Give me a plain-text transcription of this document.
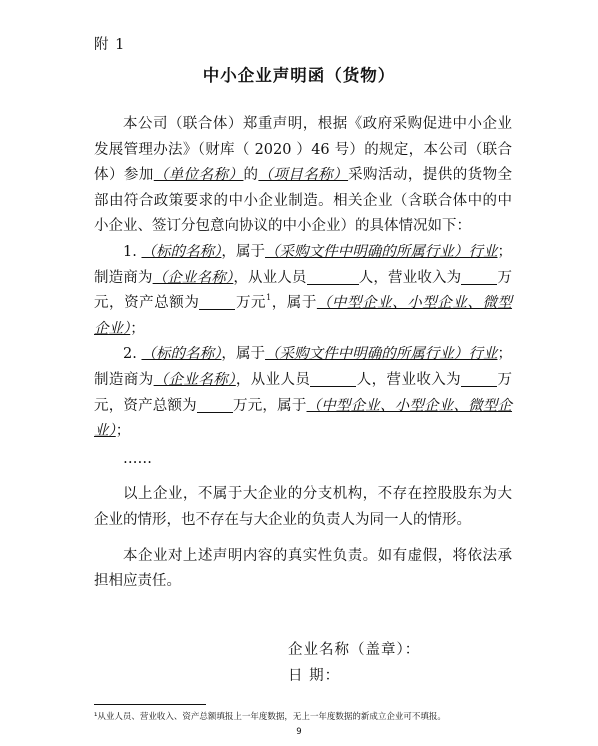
附 1
中小企业声明函（货物）

本公司（联合体）郑重声明，根据《政府采购促进中小企业发展管理办法》（财库（ 2020 ）46 号）的规定，本公司（联合体）参加（单位名称）的（项目名称）采购活动，提供的货物全部由符合政策要求的中小企业制造。相关企业（含联合体中的中小企业、签订分包意向协议的中小企业）的具体情况如下：

1. （标的名称），属于（采购文件中明确的所属行业）行业；制造商为（企业名称），从业人员	人，营业收入为 万元，资产总额为 万元$^1$，属于（中型企业、小型企业、微型企业）；

2. （标的名称），属于（采购文件中明确的所属行业）行业；制造商为（企业名称），从业人员	人，营业收入为 万元，资产总额为 万元，属于（中型企业、小型企业、微型企业）；

……

以上企业，不属于大企业的分支机构，不存在控股股东为大企业的情形，也不存在与大企业的负责人为同一人的情形。

本企业对上述声明内容的真实性负责。如有虚假，将依法承担相应责任。

企业名称（盖章）：
日 期：
¹从业人员、营业收入、资产总额填报上一年度数据，无上一年度数据的新成立企业可不填报。
9
